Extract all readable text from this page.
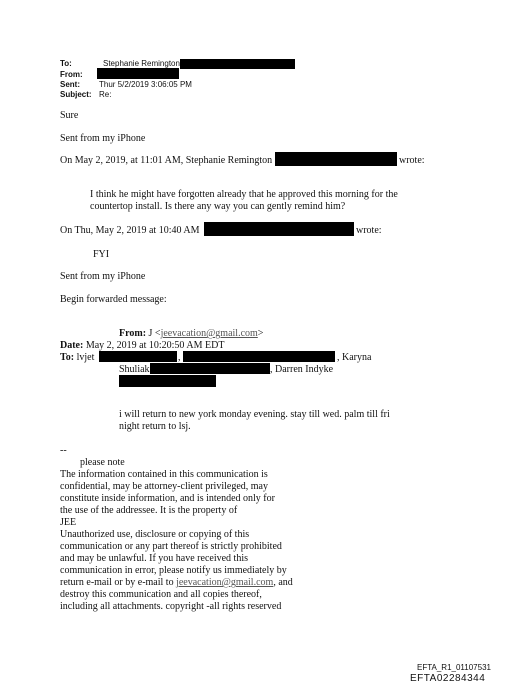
To:	Stephanie Remington
From:
Sent: Thur 5/2/2019 3:06:05 PM
Subject: Re:
Sure
Sent from my iPhone
On May 2, 2019, at 11:01 AM, Stephanie Remington	wrote:
I think he might have forgotten already that he approved this morning for the
countertop install. Is there any way you can gently remind him?
On Thu, May 2, 2019 at 10:40 AM	wrote:
FYI
Sent from my iPhone
Begin forwarded message:
From: J <jeevacation@gmail.com>
Date: May 2, 2019 at 10:20:50 AM EDT
To: lvjet	,	, Karyna
Shuliak	, Darren Indyke
i will return to new york monday evening. stay till wed. palm till fri
night return to lsj.
--
please note
The information contained in this communication is
confidential, may be attorney-client privileged, may
constitute inside information, and is intended only for
the use of the addressee. It is the property of
JEE
Unauthorized use, disclosure or copying of this
communication or any part thereof is strictly prohibited
and may be unlawful. If you have received this
communication in error, please notify us immediately by
return e-mail or by e-mail to jeevacation@gmail.com, and
destroy this communication and all copies thereof,
including all attachments. copyright -all rights reserved
EFTA_R1_01107531
EFTA02284344
